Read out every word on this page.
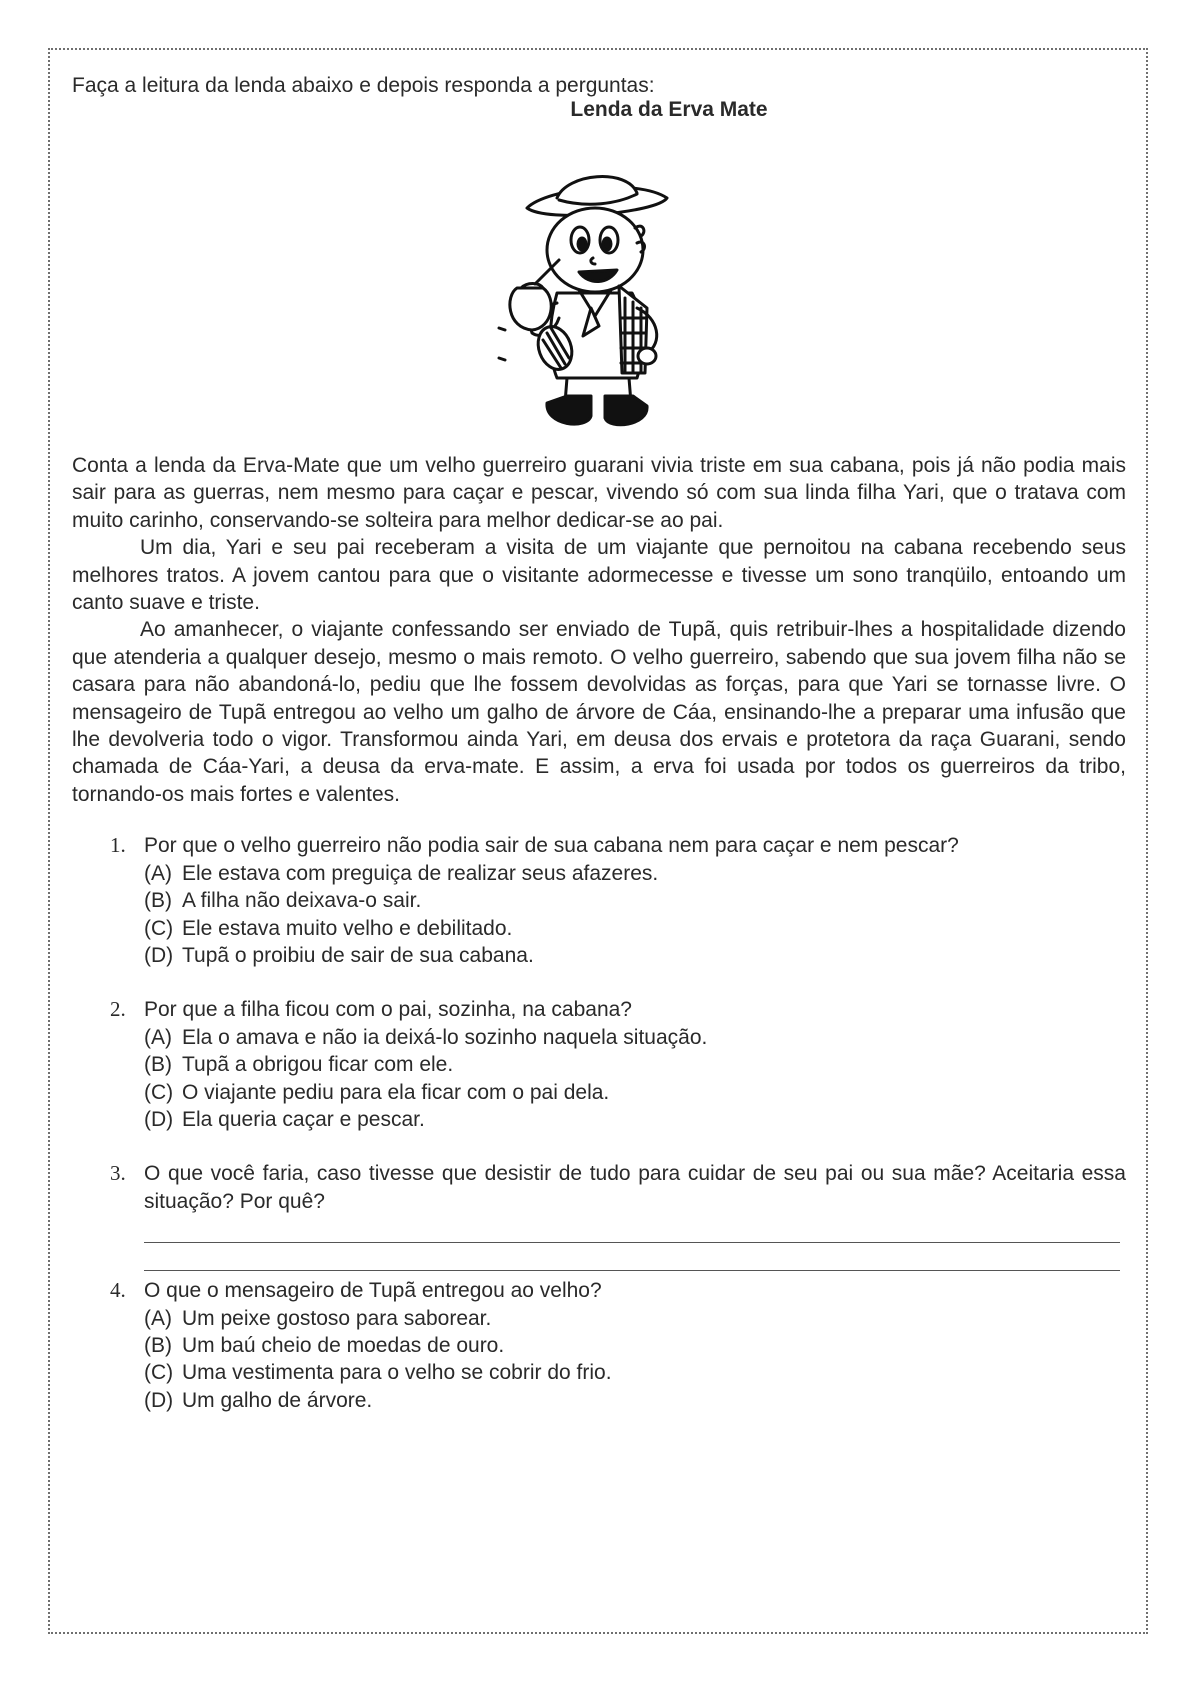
Faça a leitura da lenda abaixo e depois responda a perguntas:

Lenda da Erva Mate

Conta a lenda da Erva-Mate que um velho guerreiro guarani vivia triste em sua cabana, pois já não podia mais sair para as guerras, nem mesmo para caçar e pescar, vivendo só com sua linda filha Yari, que o tratava com muito carinho, conservando-se solteira para melhor dedicar-se ao pai.

Um dia, Yari e seu pai receberam a visita de um viajante que pernoitou na cabana recebendo seus melhores tratos. A jovem cantou para que o visitante adormecesse e tivesse um sono tranqüilo, entoando um canto suave e triste.

Ao amanhecer, o viajante confessando ser enviado de Tupã, quis retribuir-lhes a hospitalidade dizendo que atenderia a qualquer desejo, mesmo o mais remoto. O velho guerreiro, sabendo que sua jovem filha não se casara para não abandoná-lo, pediu que lhe fossem devolvidas as forças, para que Yari se tornasse livre. O mensageiro de Tupã entregou ao velho um galho de árvore de Cáa, ensinando-lhe a preparar uma infusão que lhe devolveria todo o vigor. Transformou ainda Yari, em deusa dos ervais e protetora da raça Guarani, sendo chamada de Cáa-Yari, a deusa da erva-mate. E assim, a erva foi usada por todos os guerreiros da tribo, tornando-os mais fortes e valentes.

1. Por que o velho guerreiro não podia sair de sua cabana nem para caçar e nem pescar?
(A) Ele estava com preguiça de realizar seus afazeres.
(B) A filha não deixava-o sair.
(C) Ele estava muito velho e debilitado.
(D) Tupã o proibiu de sair de sua cabana.
2. Por que a filha ficou com o pai, sozinha, na cabana?
(A) Ela o amava e não ia deixá-lo sozinho naquela situação.
(B) Tupã a obrigou ficar com ele.
(C) O viajante pediu para ela ficar com o pai dela.
(D) Ela queria caçar e pescar.
3. O que você faria, caso tivesse que desistir de tudo para cuidar de seu pai ou sua mãe? Aceitaria essa situação? Por quê?
4. O que o mensageiro de Tupã entregou ao velho?
(A) Um peixe gostoso para saborear.
(B) Um baú cheio de moedas de ouro.
(C) Uma vestimenta para o velho se cobrir do frio.
(D) Um galho de árvore.
